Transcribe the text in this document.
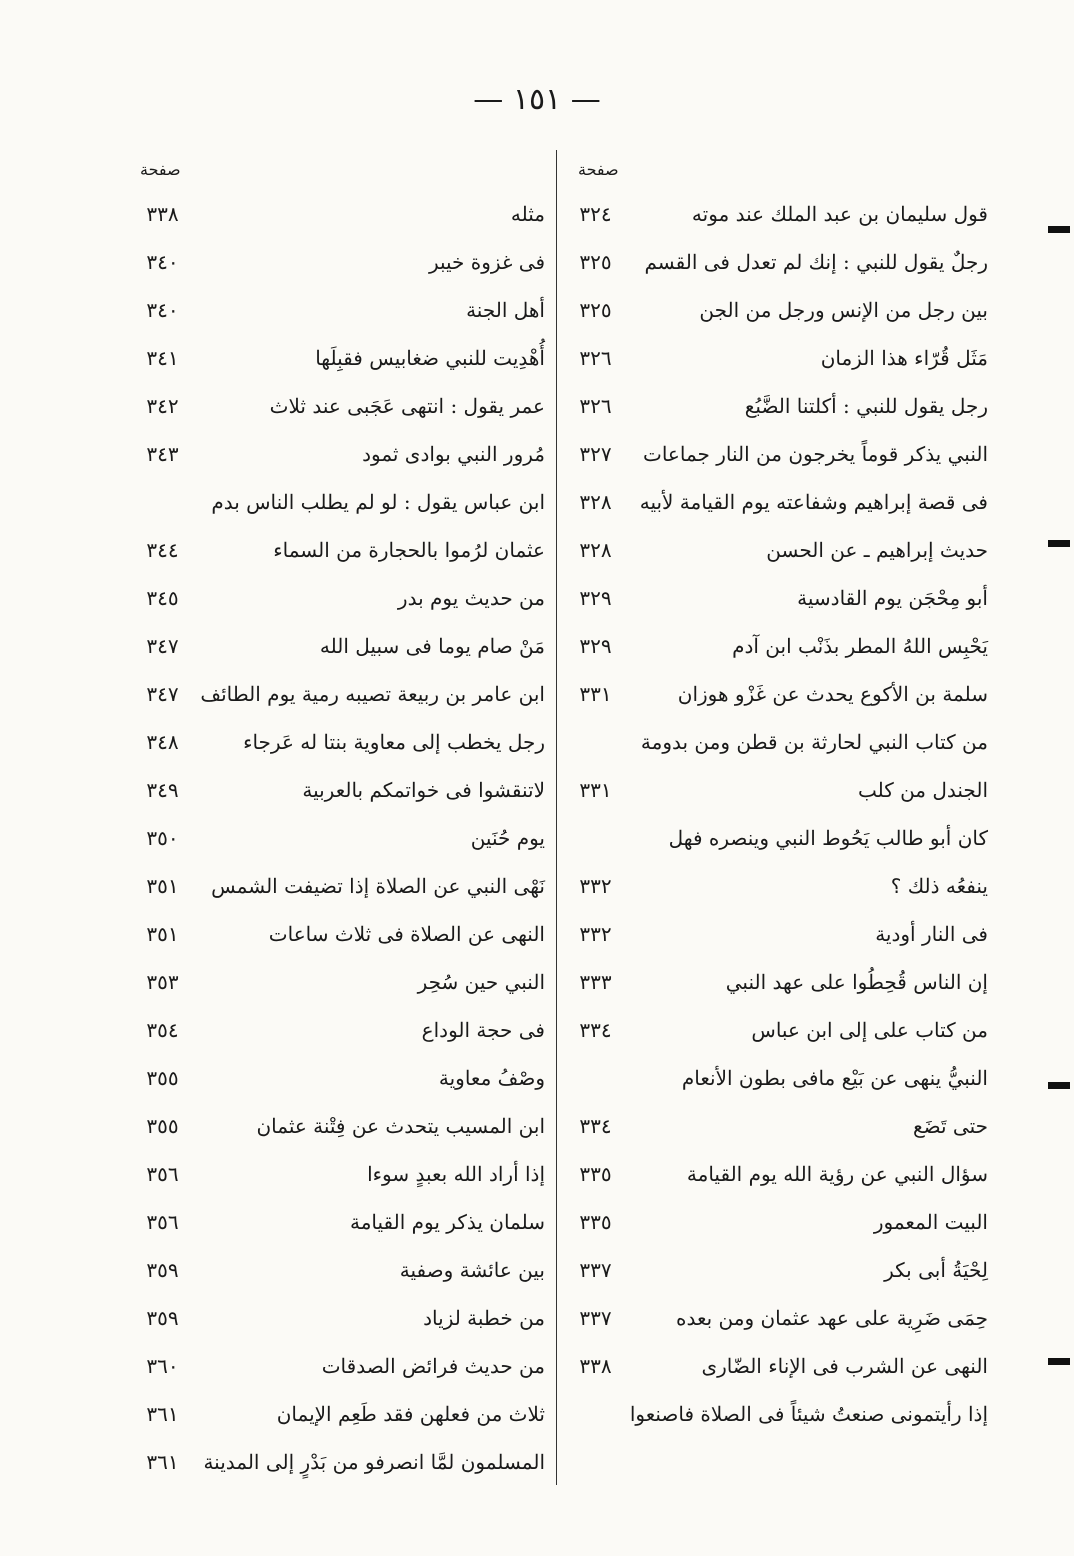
— ١٥١ —
صفحة
صفحة
قول سليمان بن عبد الملك عند موته
٣٢٤
رجلٌ يقول للنبي : إنك لم تعدل فى القسم
٣٢٥
بين رجل من الإنس ورجل من الجن
٣٢٥
مَثَل قُرّاء هذا الزمان
٣٢٦
رجل يقول للنبي : أكلتنا الضَّبُع
٣٢٦
النبي يذكر قوماً يخرجون من النار جماعات
٣٢٧
فى قصة إبراهيم وشفاعته يوم القيامة لأبيه
٣٢٨
حديث إبراهيم ـ عن الحسن
٣٢٨
أبو مِحْجَن يوم القادسية
٣٢٩
يَحْبِس اللهُ المطر بذَنْب ابن آدم
٣٢٩
سلمة بن الأكوع يحدث عن غَزْو هوزان
٣٣١
من كتاب النبي لحارثة بن قطن ومن بدومة
الجندل من كلب
٣٣١
كان أبو طالب يَحُوط النبي وينصره فهل
ينفعُه ذلك ؟
٣٣٢
فى النار أودية
٣٣٢
إن الناس قُحِطُوا على عهد النبي
٣٣٣
من كتاب على إلى ابن عباس
٣٣٤
النبيُّ ينهى عن بَيْع مافى بطون الأنعام
حتى تَضَع
٣٣٤
سؤال النبي عن رؤية الله يوم القيامة
٣٣٥
البيت المعمور
٣٣٥
لِحْيَةُ أبى بكر
٣٣٧
حِمَى ضَرِية على عهد عثمان ومن بعده
٣٣٧
النهى عن الشرب فى الإناء الضّارى
٣٣٨
إذا رأيتمونى صنعتُ شيئاً فى الصلاة فاصنعوا
مثله
٣٣٨
فى غزوة خيبر
٣٤٠
أهل الجنة
٣٤٠
أُهْدِيت للنبي ضغابيس فقبِلَها
٣٤١
عمر يقول : انتهى عَجَبى عند ثلاث
٣٤٢
مُرور النبي بوادى ثمود
٣٤٣
ابن عباس يقول : لو لم يطلب الناس بدم
عثمان لرُموا بالحجارة من السماء
٣٤٤
من حديث يوم بدر
٣٤٥
مَنْ صام يوما فى سبيل الله
٣٤٧
ابن عامر بن ربيعة تصيبه رمية يوم الطائف
٣٤٧
رجل يخطب إلى معاوية بنتا له عَرجاء
٣٤٨
لاتنقشوا فى خواتمكم بالعربية
٣٤٩
يوم حُنَين
٣٥٠
نَهْى النبي عن الصلاة إذا تضيفت الشمس
٣٥١
النهى عن الصلاة فى ثلاث ساعات
٣٥١
النبي حين سُحِر
٣٥٣
فى حجة الوداع
٣٥٤
وصْفُ معاوية
٣٥٥
ابن المسيب يتحدث عن فِتْنة عثمان
٣٥٥
إذا أراد الله بعبدٍ سوءا
٣٥٦
سلمان يذكر يوم القيامة
٣٥٦
بين عائشة وصفية
٣٥٩
من خطبة لزياد
٣٥٩
من حديث فرائض الصدقات
٣٦٠
ثلاث من فعلهن فقد طَعِم الإيمان
٣٦١
المسلمون لمَّا انصرفو من بَدْرٍ إلى المدينة
٣٦١
